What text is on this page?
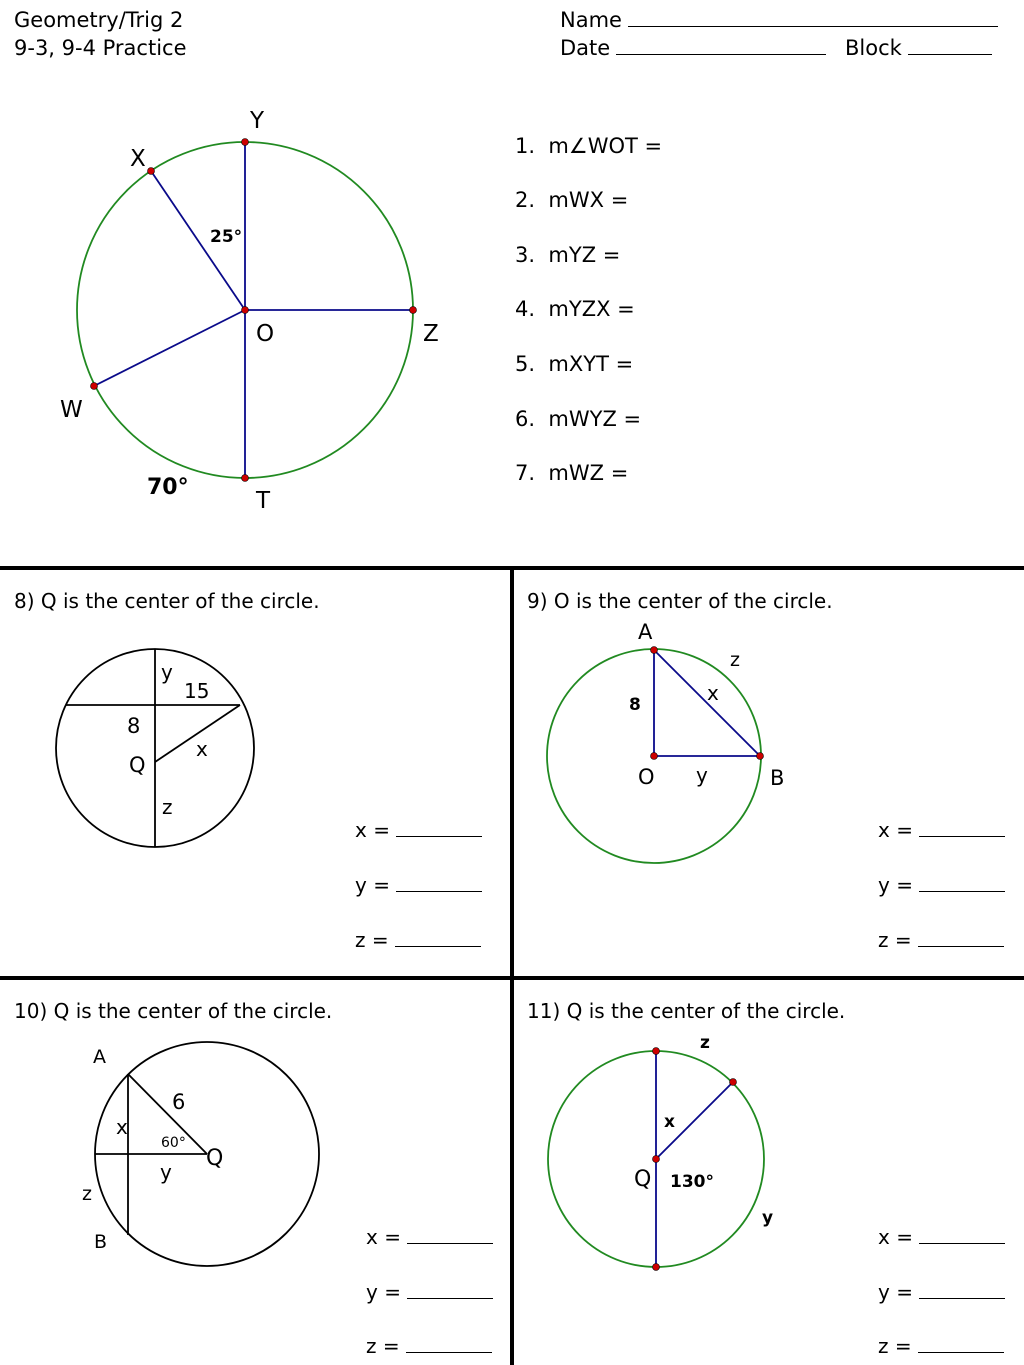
Geometry/Trig 2
9-3, 9-4 Practice
Name
Date	Block
1. m∠WOT =
2. mWX =
3. mYZ =
4. mYZX =
5. mXYT =
6. mWYZ =
7. mWZ =
Y
X
O	Z
W
T
25°
70°
y
15
8
x
Q
z
A
z
8	x
O y	B
A
6
x
60°
Q
y
z
B
z
x
Q 130°
y
8) Q is the center of the circle.	9) O is the center of the circle.
10) Q is the center of the circle.	11) Q is the center of the circle.
x =
y =
z =
x =
y =
z =
x =
y =
z =
x =
y =
z =
